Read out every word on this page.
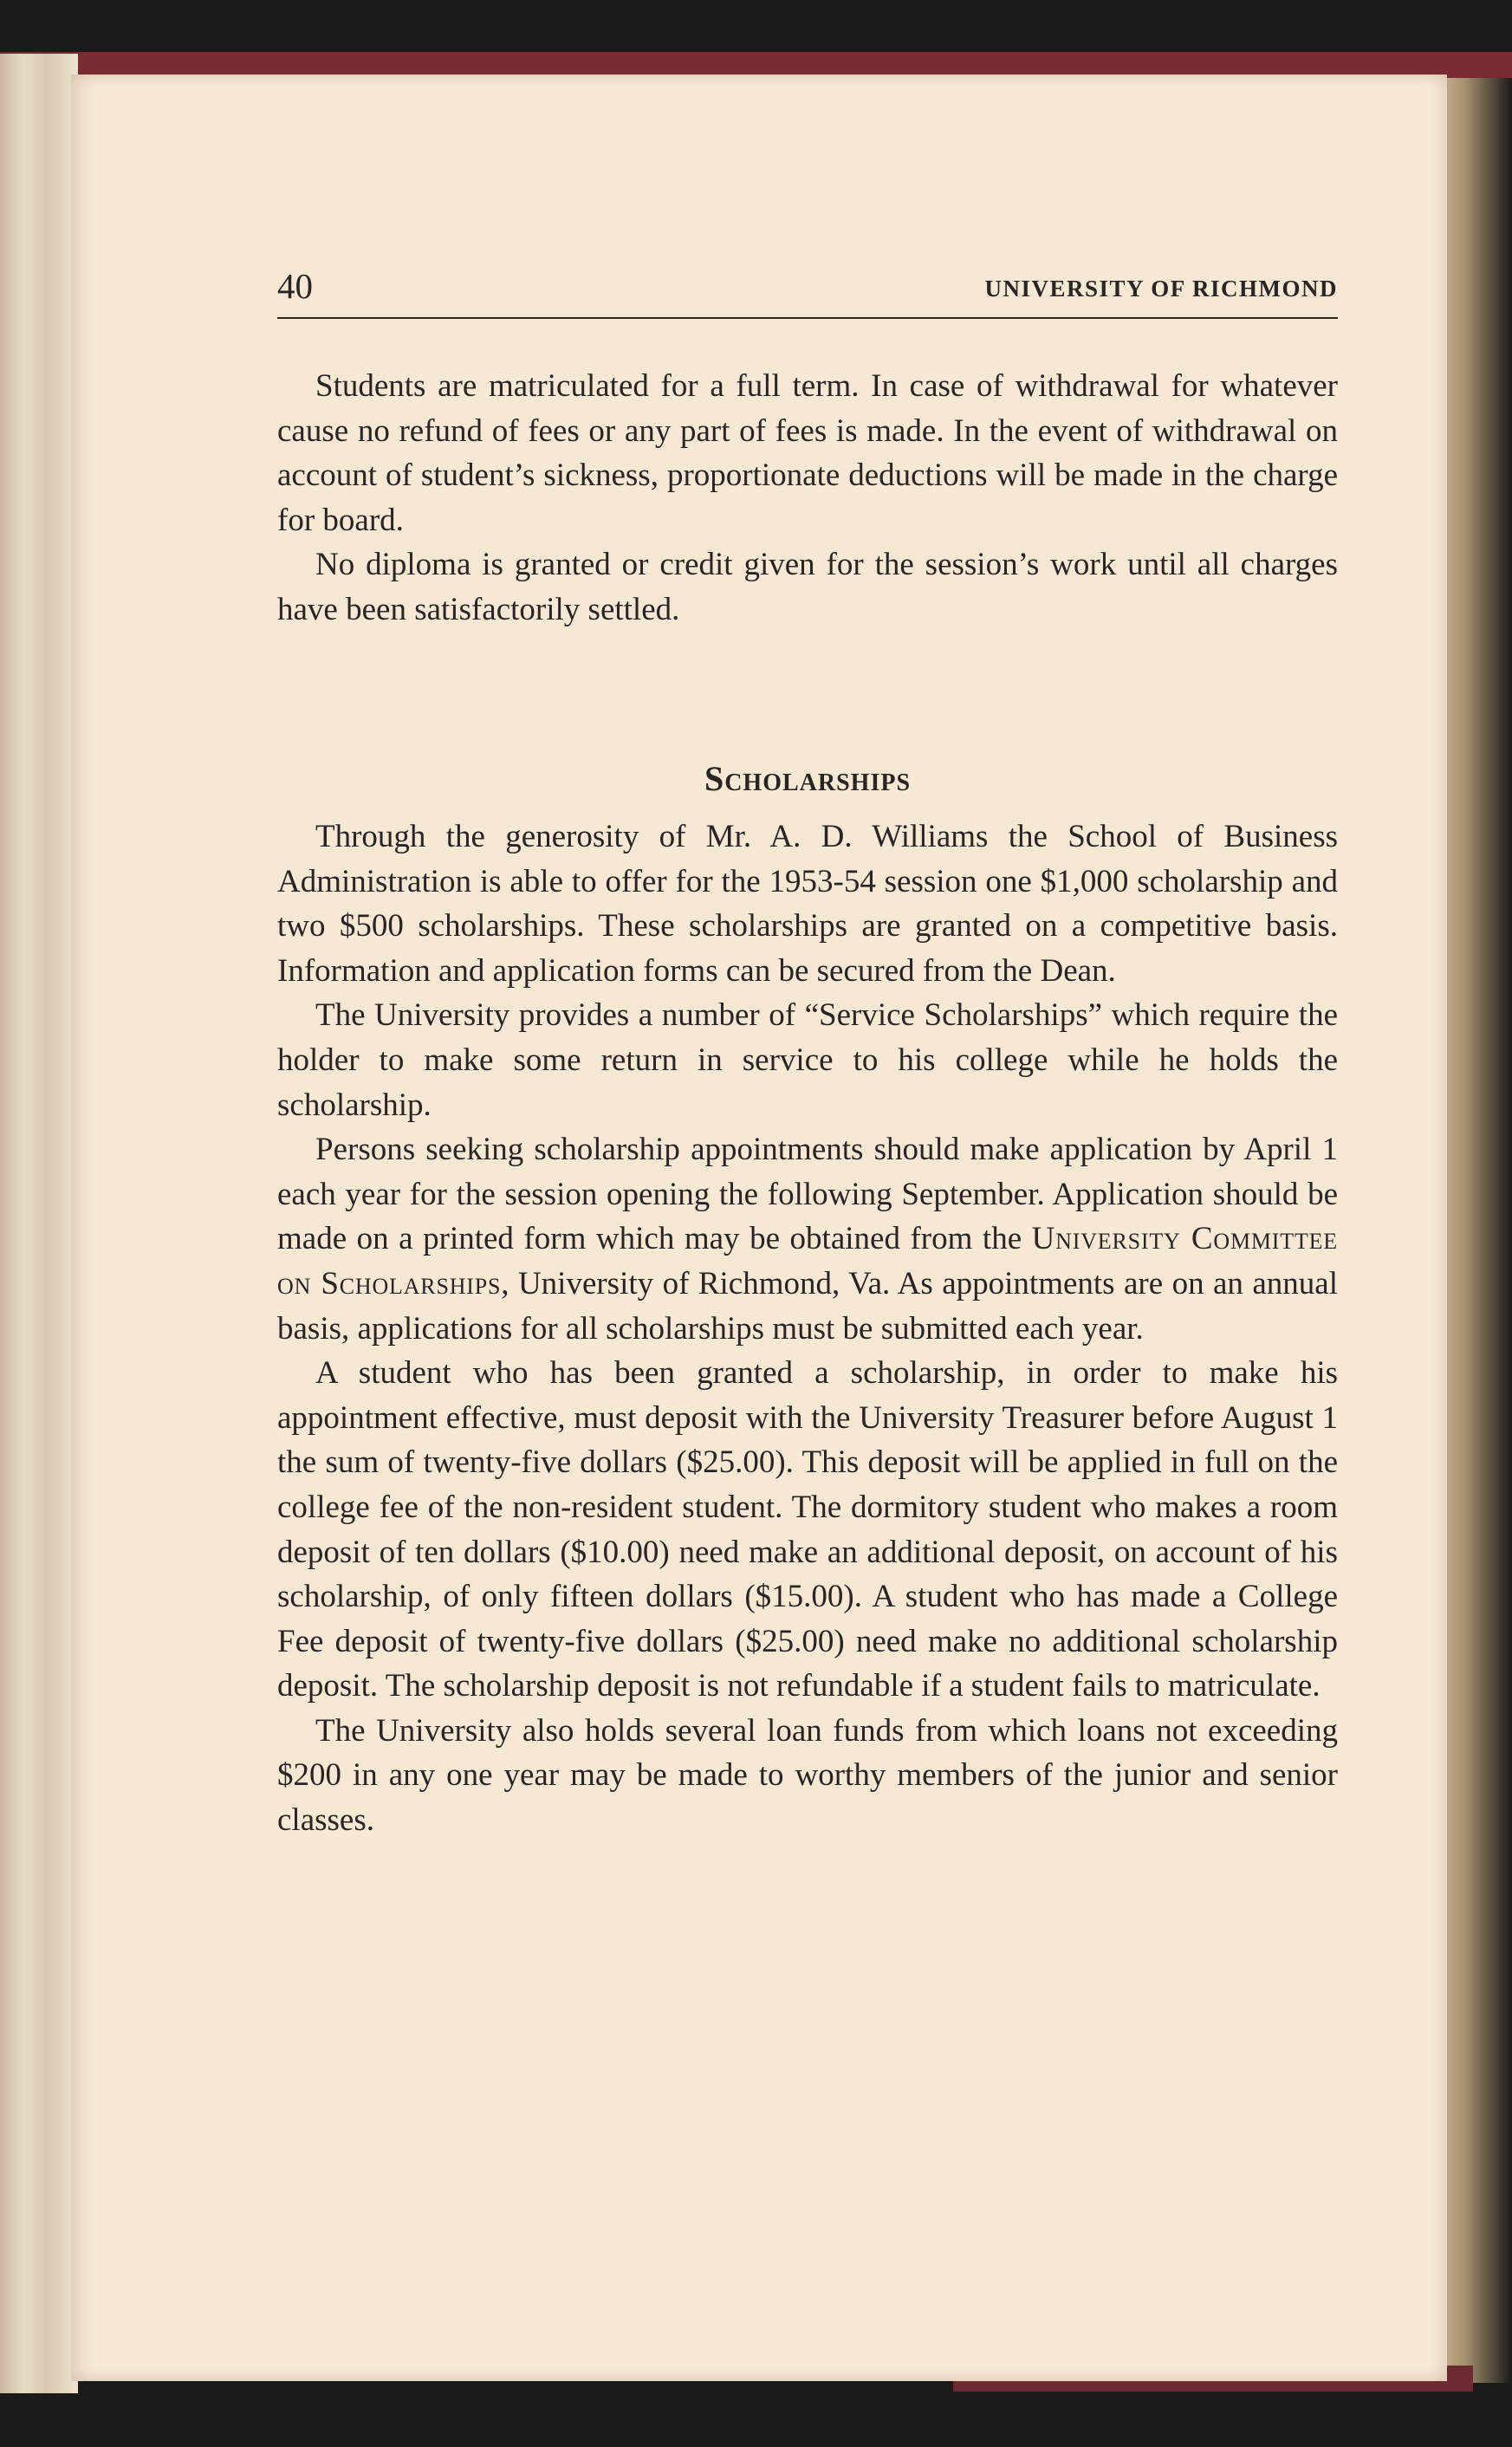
40	UNIVERSITY OF RICHMOND

Students are matriculated for a full term. In case of withdrawal for whatever cause no refund of fees or any part of fees is made. In the event of withdrawal on account of student’s sickness, proportionate deductions will be made in the charge for board.

No diploma is granted or credit given for the session’s work until all charges have been satisfactorily settled.

Scholarships

Through the generosity of Mr. A. D. Williams the School of Business Administration is able to offer for the 1953-54 session one $1,000 scholarship and two $500 scholarships. These scholarships are granted on a competitive basis. Information and application forms can be secured from the Dean.

The University provides a number of “Service Scholarships” which require the holder to make some return in service to his college while he holds the scholarship.

Persons seeking scholarship appointments should make application by April 1 each year for the session opening the following September. Application should be made on a printed form which may be obtained from the University Committee on Scholarships, University of Richmond, Va. As appointments are on an annual basis, applications for all scholarships must be submitted each year.

A student who has been granted a scholarship, in order to make his appointment effective, must deposit with the University Treasurer before August 1 the sum of twenty-five dollars ($25.00). This deposit will be applied in full on the college fee of the non-resident student. The dormitory student who makes a room deposit of ten dollars ($10.00) need make an additional deposit, on account of his scholarship, of only fifteen dollars ($15.00). A student who has made a College Fee deposit of twenty-five dollars ($25.00) need make no additional scholarship deposit. The scholarship deposit is not refundable if a student fails to matriculate.

The University also holds several loan funds from which loans not exceeding $200 in any one year may be made to worthy members of the junior and senior classes.
